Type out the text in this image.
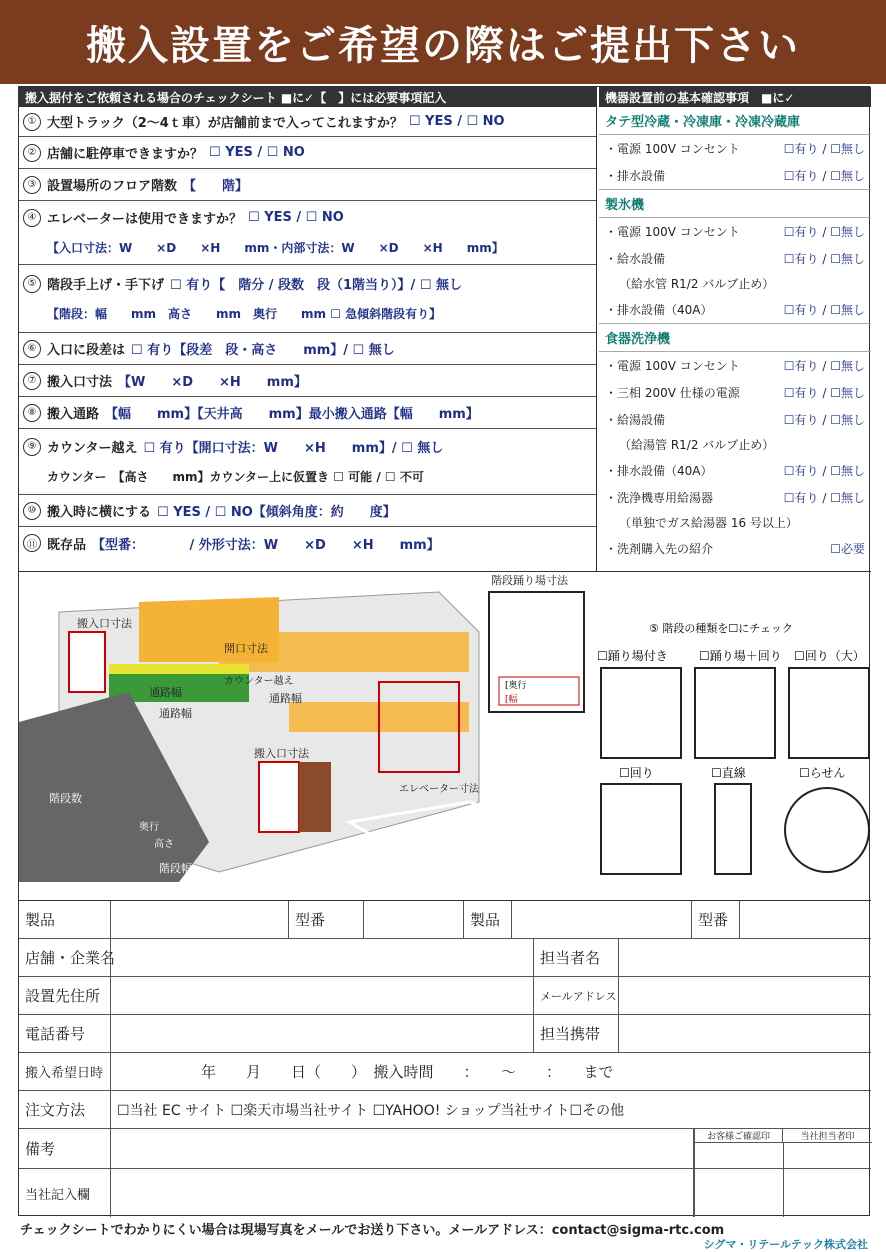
搬入設置をご希望の際はご提出下さい
搬入据付をご依頼される場合のチェックシート ■に✓【　】には必要事項記入	機器設置前の基本確認事項　■に✓
① 大型トラック（2～4ｔ車）が店舗前まで入ってこれますか？ ☐ YES / ☐ NO
② 店舗に駐停車できますか？ ☐ YES / ☐ NO
③ 設置場所のフロア階数 【　　階】
④ エレベーターは使用できますか？ ☐ YES / ☐ NO
【入口寸法：W　　×D　　×H　　mm・内部寸法：W　　×D　　×H　　mm】
⑤ 階段手上げ・手下げ ☐ 有り【　階分 / 段数　段（1階当り）】/ ☐ 無し
【階段：幅　　mm　高さ　　mm　奥行　　mm ☐ 急傾斜階段有り】
⑥ 入口に段差は ☐ 有り【段差　段・高さ　　mm】/ ☐ 無し
⑦ 搬入口寸法 【W　　×D　　×H　　mm】
⑧ 搬入通路 【幅　　mm】【天井高　　mm】最小搬入通路【幅　　mm】
⑨ カウンター越え ☐ 有り【開口寸法：W　　×H　　mm】/ ☐ 無し
カウンター　【高さ　　mm】カウンター上に仮置き ☐ 可能 / ☐ 不可
⑩ 搬入時に横にする ☐ YES / ☐ NO【傾斜角度：約　　度】
⑪ 既存品 【型番：　　　　/ 外形寸法：W　　×D　　×H　　mm】
タテ型冷蔵・冷凍庫・冷凍冷蔵庫
・電源 100V コンセント	☐有り / ☐無し
・排水設備	☐有り / ☐無し
製氷機
・電源 100V コンセント	☐有り / ☐無し
・給水設備	☐有り / ☐無し
（給水管 R1/2 バルブ止め）
・排水設備（40A）	☐有り / ☐無し
食器洗浄機
・電源 100V コンセント	☐有り / ☐無し
・三相 200V 仕様の電源	☐有り / ☐無し
・給湯設備	☐有り / ☐無し
（給湯管 R1/2 バルブ止め）
・排水設備（40A）	☐有り / ☐無し
・洗浄機専用給湯器	☐有り / ☐無し
（単独でガス給湯器 16 号以上）
・洗剤購入先の紹介	☐必要
搬入口寸法
通路幅
通路幅
開口寸法
カウンター越え
通路幅
搬入口寸法
階段数
奥行
高さ
階段幅
エレベーター寸法
階段踊り場寸法
[奥行
[幅
⑤ 階段の種類を☐にチェック
☐踊り場付き	☐踊り場＋回り ☐回り（大）
☐回り	☐直線	☐らせん
製品	型番	製品	型番
店舗・企業名	担当者名
設置先住所	メールアドレス
電話番号	担当携帯
搬入希望日時	年　　月　　日（　　）　搬入時間　　：　　～　　：　　まで
注文方法	☐当社 EC サイト ☐楽天市場当社サイト ☐YAHOO! ショップ当社サイト☐その他
備考
当社記入欄
お客様ご確認印	当社担当者印
チェックシートでわかりにくい場合は現場写真をメールでお送り下さい。メールアドレス：contact@sigma-rtc.com
シグマ・リテールテック株式会社
